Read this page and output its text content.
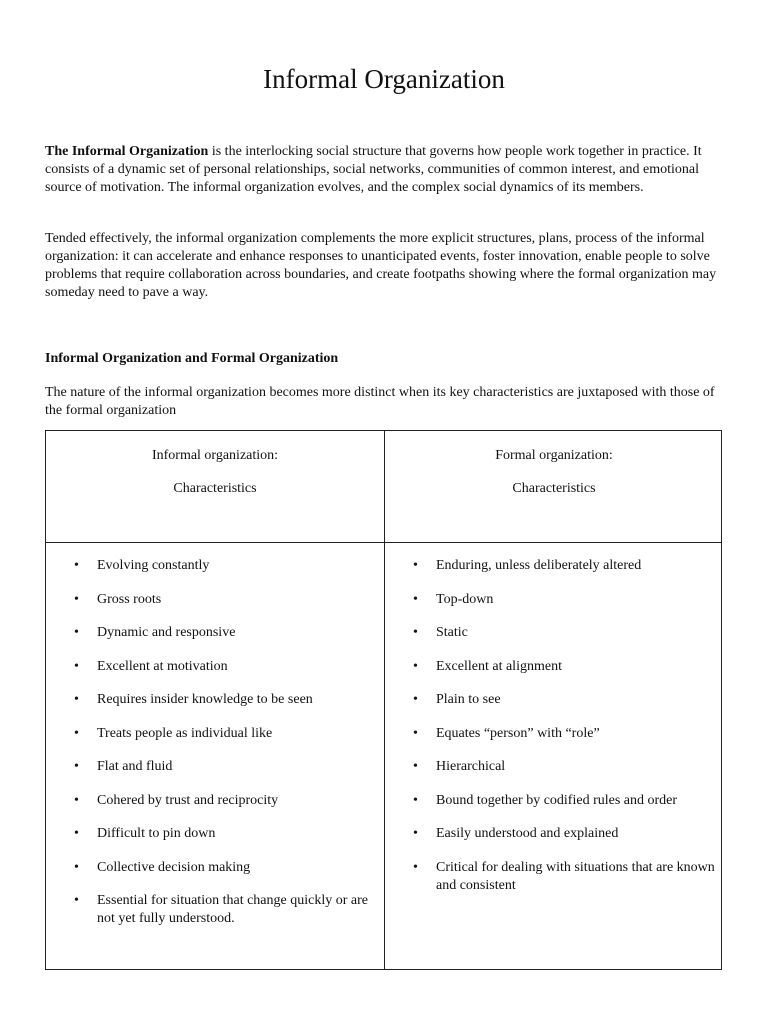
Informal Organization

The Informal Organization is the interlocking social structure that governs how people work together in practice. It consists of a dynamic set of personal relationships, social networks, communities of common interest, and emotional source of motivation. The informal organization evolves, and the complex social dynamics of its members.

Tended effectively, the informal organization complements the more explicit structures, plans, process of the informal organization: it can accelerate and enhance responses to unanticipated events, foster innovation, enable people to solve problems that require collaboration across boundaries, and create footpaths showing where the formal organization may someday need to pave a way.

Informal Organization and Formal Organization

The nature of the informal organization becomes more distinct when its key characteristics are juxtaposed with those of the formal organization

Informal organization:
Characteristics
Formal organization:
Characteristics
• Evolving constantly
• Gross roots
• Dynamic and responsive
• Excellent at motivation
• Requires insider knowledge to be seen
• Treats people as individual like
• Flat and fluid
• Cohered by trust and reciprocity
• Difficult to pin down
• Collective decision making
• Essential for situation that change quickly or are not yet fully understood.
• Enduring, unless deliberately altered
• Top-down
• Static
• Excellent at alignment
• Plain to see
• Equates “person” with “role”
• Hierarchical
• Bound together by codified rules and order
• Easily understood and explained
• Critical for dealing with situations that are known and consistent
